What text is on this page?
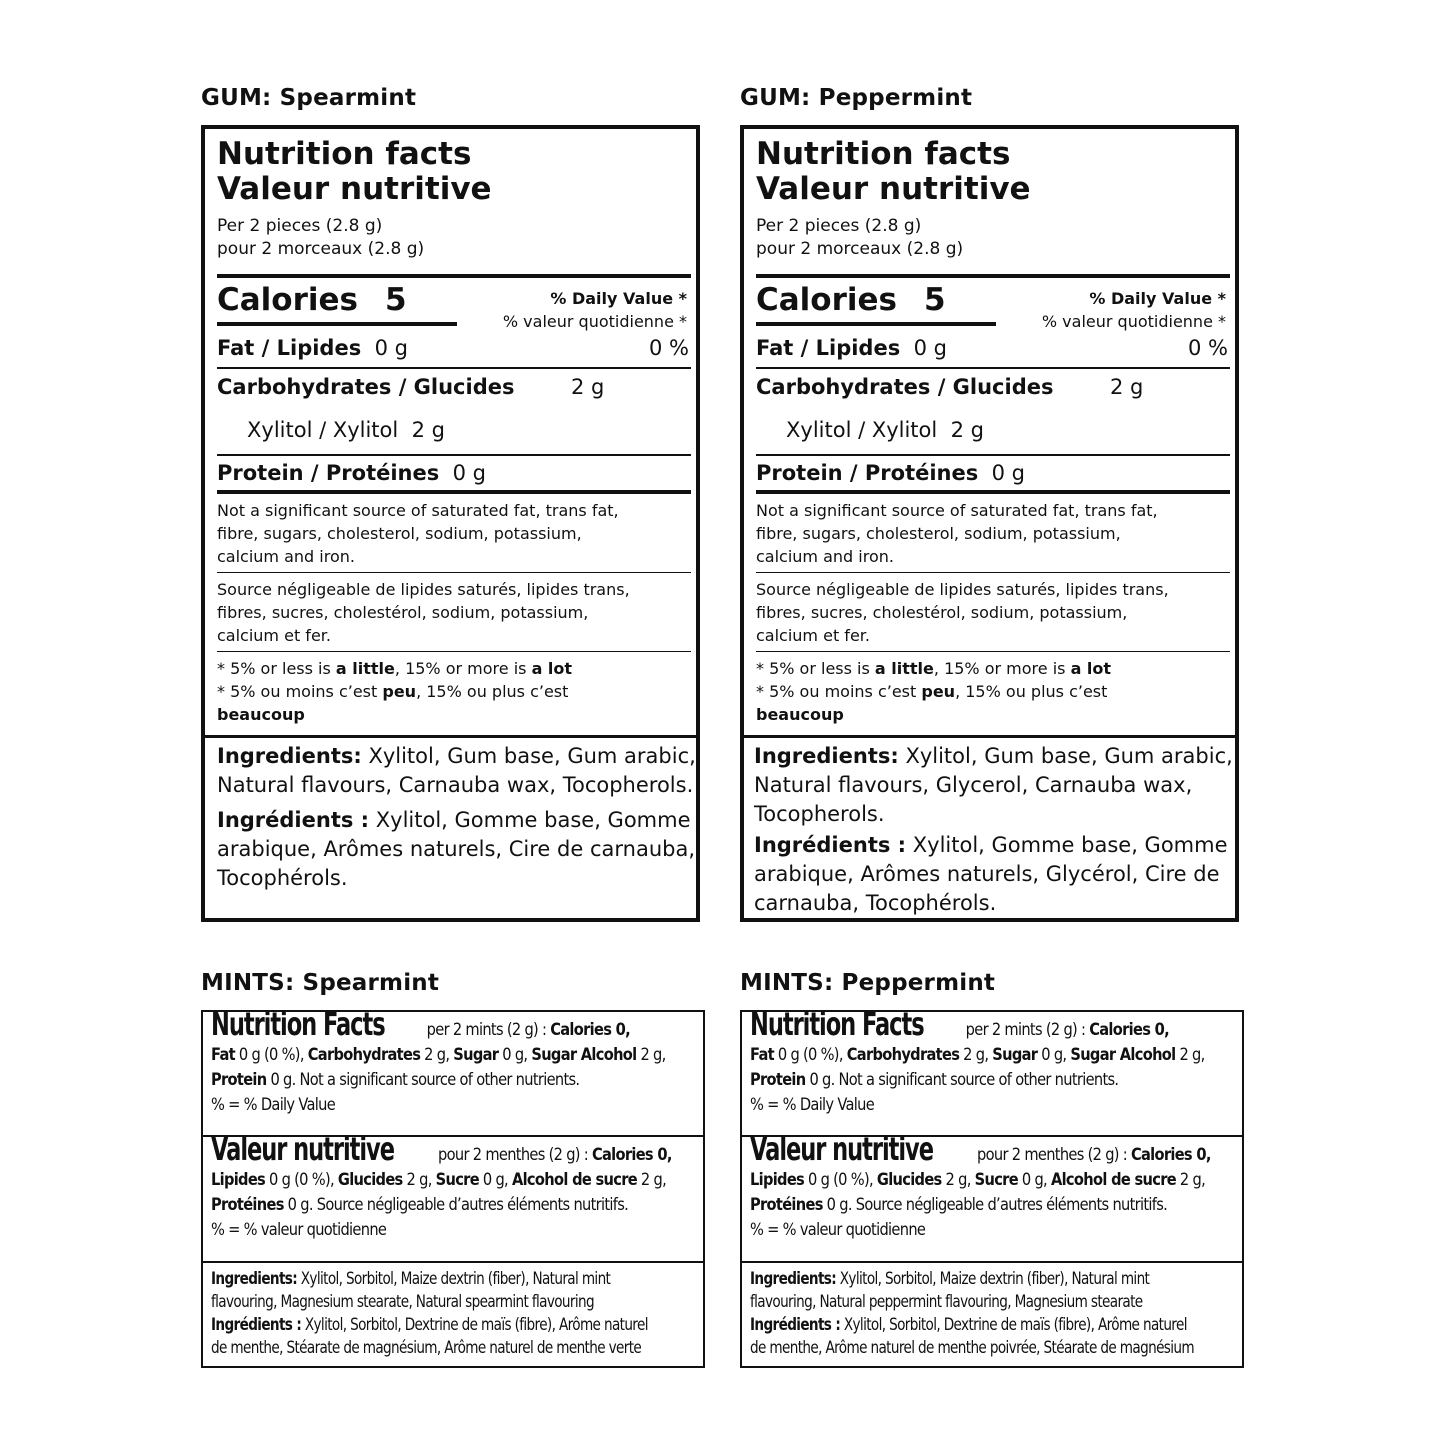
GUM: Spearmint
Nutrition facts
Valeur nutritive
Per 2 pieces (2.8 g)
pour 2 morceaux (2.8 g)
Calories 5	% Daily Value *
% valeur quotidienne *
Fat / Lipides 0 g	0 %
Carbohydrates / Glucides	2 g
Xylitol / Xylitol  2 g
Protein / Protéines 0 g
Not a significant source of saturated fat, trans fat,
fibre, sugars, cholesterol, sodium, potassium,
calcium and iron.
Source négligeable de lipides saturés, lipides trans,
fibres, sucres, cholestérol, sodium, potassium,
calcium et fer.
* 5% or less is a little, 15% or more is a lot
* 5% ou moins c’est peu, 15% ou plus c’est
beaucoup

Ingredients: Xylitol, Gum base, Gum arabic,
Natural flavours, Carnauba wax, Tocopherols.

Ingrédients : Xylitol, Gomme base, Gomme
arabique, Arômes naturels, Cire de carnauba,
Tocophérols.

GUM: Peppermint
Nutrition facts
Valeur nutritive
Per 2 pieces (2.8 g)
pour 2 morceaux (2.8 g)
Calories 5	% Daily Value *
% valeur quotidienne *
Fat / Lipides 0 g	0 %
Carbohydrates / Glucides	2 g
Xylitol / Xylitol  2 g
Protein / Protéines 0 g
Not a significant source of saturated fat, trans fat,
fibre, sugars, cholesterol, sodium, potassium,
calcium and iron.
Source négligeable de lipides saturés, lipides trans,
fibres, sucres, cholestérol, sodium, potassium,
calcium et fer.
* 5% or less is a little, 15% or more is a lot
* 5% ou moins c’est peu, 15% ou plus c’est
beaucoup

Ingredients: Xylitol, Gum base, Gum arabic,
Natural flavours, Glycerol, Carnauba wax,
Tocopherols.

Ingrédients : Xylitol, Gomme base, Gomme
arabique, Arômes naturels, Glycérol, Cire de
carnauba, Tocophérols.

MINTS: Spearmint
Nutrition Facts per 2 mints (2 g) : Calories 0,
Fat 0 g (0 %), Carbohydrates 2 g, Sugar 0 g, Sugar Alcohol 2 g,
Protein 0 g. Not a significant source of other nutrients.
% = % Daily Value
Valeur nutritive pour 2 menthes (2 g) : Calories 0,
Lipides 0 g (0 %), Glucides 2 g, Sucre 0 g, Alcohol de sucre 2 g,
Protéines 0 g. Source négligeable d’autres éléments nutritifs.
% = % valeur quotidienne
Ingredients: Xylitol, Sorbitol, Maize dextrin (fiber), Natural mint
flavouring, Magnesium stearate, Natural spearmint flavouring
Ingrédients : Xylitol, Sorbitol, Dextrine de maïs (fibre), Arôme naturel
de menthe, Stéarate de magnésium, Arôme naturel de menthe verte
MINTS: Peppermint
Nutrition Facts per 2 mints (2 g) : Calories 0,
Fat 0 g (0 %), Carbohydrates 2 g, Sugar 0 g, Sugar Alcohol 2 g,
Protein 0 g. Not a significant source of other nutrients.
% = % Daily Value
Valeur nutritive pour 2 menthes (2 g) : Calories 0,
Lipides 0 g (0 %), Glucides 2 g, Sucre 0 g, Alcohol de sucre 2 g,
Protéines 0 g. Source négligeable d’autres éléments nutritifs.
% = % valeur quotidienne
Ingredients: Xylitol, Sorbitol, Maize dextrin (fiber), Natural mint
flavouring, Natural peppermint flavouring, Magnesium stearate
Ingrédients : Xylitol, Sorbitol, Dextrine de maïs (fibre), Arôme naturel
de menthe, Arôme naturel de menthe poivrée, Stéarate de magnésium
